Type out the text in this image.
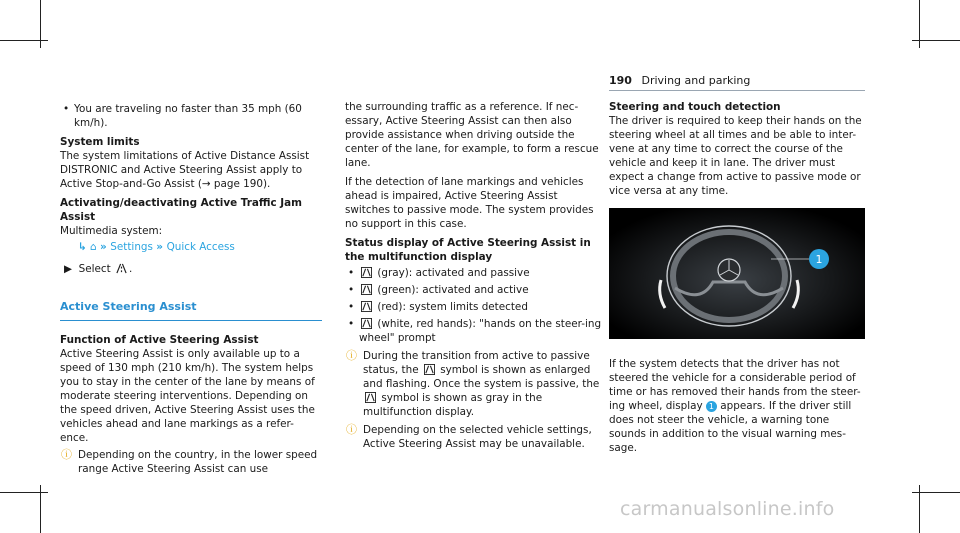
190 Driving and parking

• You are traveling no faster than 35 mph (60 km/h).

System limits

The system limitations of Active Distance Assist DISTRONIC and Active Steering Assist apply to Active Stop-and-Go Assist (→ page 190).

Activating/deactivating Active Traffic Jam Assist

Multimedia system:

↳ ⌂ » Settings » Quick Access

▶  Select .

Active Steering Assist

Function of Active Steering Assist

Active Steering Assist is only available up to a speed of 130 mph (210 km/h). The system helps you to stay in the center of the lane by means of moderate steering interventions. Depending on the speed driven, Active Steering Assist uses the vehicles ahead and lane markings as a refer-ence.

ⓘ Depending on the country, in the lower speed range Active Steering Assist can use

the surrounding traffic as a reference. If nec-essary, Active Steering Assist can then also provide assistance when driving outside the center of the lane, for example, to form a rescue lane.

If the detection of lane markings and vehicles ahead is impaired, Active Steering Assist switches to passive mode. The system provides no support in this case.

Status display of Active Steering Assist in the multifunction display

• (gray): activated and passive

• (green): activated and active

• (red): system limits detected

• (white, red hands): "hands on the steer-ing wheel" prompt

ⓘ During the transition from active to passive status, the symbol is shown as enlarged and flashing. Once the system is passive, the  symbol is shown as gray in the multifunction display.
ⓘ Depending on the selected vehicle settings, Active Steering Assist may be unavailable.

Steering and touch detection

The driver is required to keep their hands on the steering wheel at all times and be able to inter-vene at any time to correct the course of the vehicle and keep it in lane. The driver must expect a change from active to passive mode or vice versa at any time.

1

If the system detects that the driver has not steered the vehicle for a considerable period of time or has removed their hands from the steer-ing wheel, display 1 appears. If the driver still does not steer the vehicle, a warning tone sounds in addition to the visual warning mes-sage.

carmanualsonline.info
